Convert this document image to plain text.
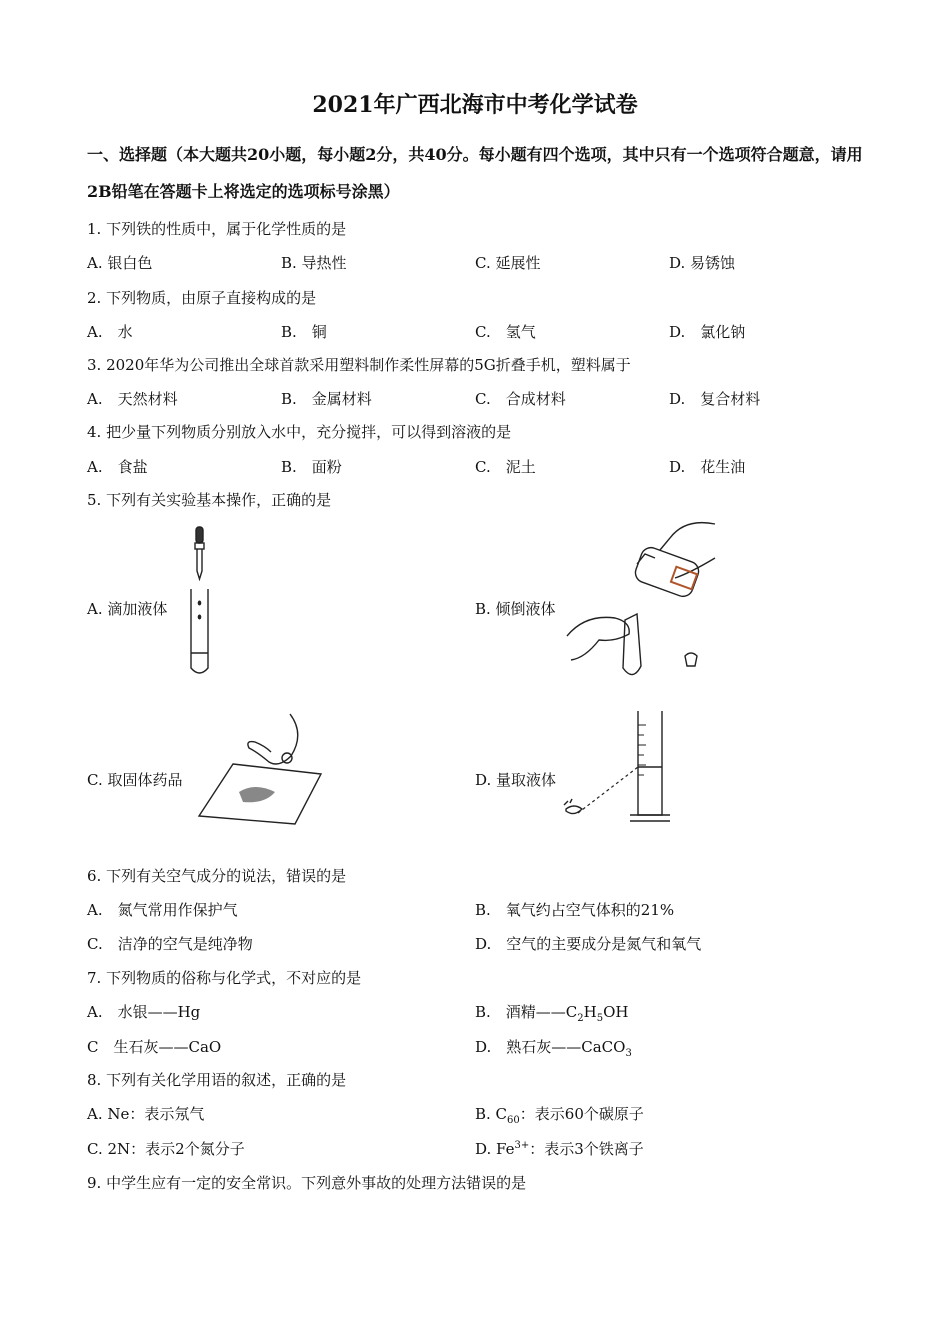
2021年广西北海市中考化学试卷
一、选择题（本大题共20小题，每小题2分，共40分。每小题有四个选项，其中只有一个选项符合题意，请用2B铅笔在答题卡上将选定的选项标号涂黑）
1. 下列铁的性质中，属于化学性质的是
A. 银白色	B. 导热性	C. 延展性	D. 易锈蚀
2. 下列物质，由原子直接构成的是
A.　水	B.　铜	C.　氢气	D.　氯化钠
3. 2020年华为公司推出全球首款采用塑料制作柔性屏幕的5G折叠手机，塑料属于
A.　天然材料	B.　金属材料	C.　合成材料	D.　复合材料
4. 把少量下列物质分别放入水中，充分搅拌，可以得到溶液的是
A.　食盐	B.　面粉	C.　泥土	D.　花生油
5. 下列有关实验基本操作，正确的是
A. 滴加液体	B. 倾倒液体
C. 取固体药品	D. 量取液体
6. 下列有关空气成分的说法，错误的是
A.　氮气常用作保护气	B.　氧气约占空气体积的21%
C.　洁净的空气是纯净物	D.　空气的主要成分是氮气和氧气
7. 下列物质的俗称与化学式，不对应的是
A.　水银——Hg	B.　酒精$——C_2H_5OH$
C　生石灰——CaO	D.　熟石灰——CaCO$_3$
8. 下列有关化学用语的叙述，正确的是
A. Ne：表示氖气	B. $C_{60}$：表示60个碳原子
C. 2N：表示2个氮分子	D. $Fe^{3+}$：表示3个铁离子
9. 中学生应有一定的安全常识。下列意外事故的处理方法错误的是
